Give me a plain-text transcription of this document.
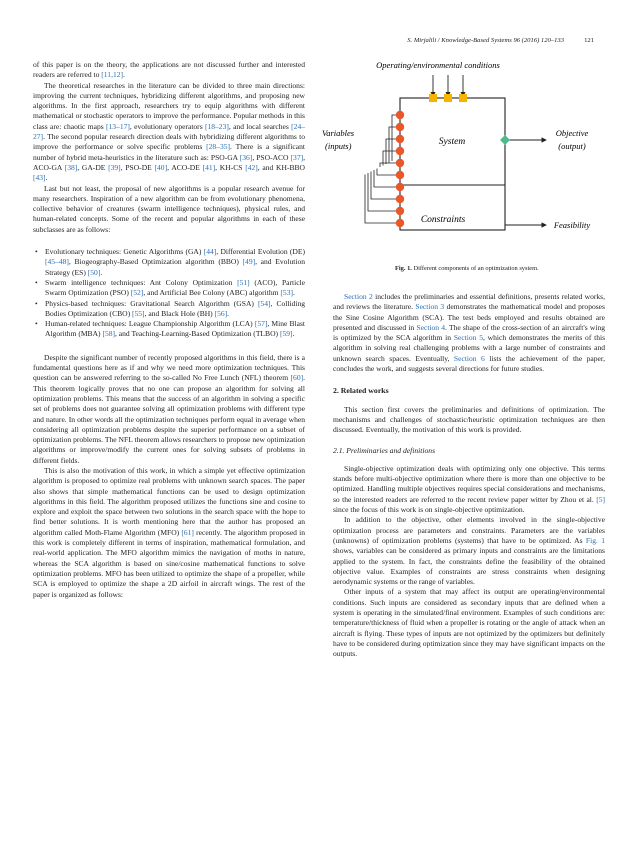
S. Mirjalili / Knowledge-Based Systems 96 (2016) 120–133	121

of this paper is on the theory, the applications are not discussed further and interested readers are referred to [11,12].

The theoretical researches in the literature can be divided to three main directions: improving the current techniques, hybridizing different algorithms, and proposing new algorithms. In the first approach, researchers try to equip algorithms with different mathematical or stochastic operators to improve the performance. Popular methods in this class are: chaotic maps [13–17], evolutionary operators [18–23], and local searches [24–27]. The second popular research direction deals with hybridizing different algorithms to improve the performance or solve specific problems [28–35]. There is a significant number of hybrid meta-heuristics in the literature such as: PSO-GA [36], PSO-ACO [37], ACO-GA [38], GA-DE [39], PSO-DE [40], ACO-DE [41], KH-CS [42], and KH-BBO [43].

Last but not least, the proposal of new algorithms is a popular research avenue for many researchers. Inspiration of a new algorithm can be from evolutionary phenomena, collective behavior of creatures (swarm intelligence techniques), physical rules, and human-related concepts. Some of the recent and popular algorithms in each of these subclasses are as follows:

• Evolutionary techniques: Genetic Algorithms (GA) [44], Differential Evolution (DE) [45–48], Biogeography-Based Optimization algorithm (BBO) [49], and Evolution Strategy (ES) [50].
• Swarm intelligence techniques: Ant Colony Optimization [51] (ACO), Particle Swarm Optimization (PSO) [52], and Artificial Bee Colony (ABC) algorithm [53].
• Physics-based techniques: Gravitational Search Algorithm (GSA) [54], Colliding Bodies Optimization (CBO) [55], and Black Hole (BH) [56].
• Human-related techniques: League Championship Algorithm (LCA) [57], Mine Blast Algorithm (MBA) [58], and Teaching-Learning-Based Optimization (TLBO) [59].

Despite the significant number of recently proposed algorithms in this field, there is a fundamental questions here as if and why we need more optimization techniques. This question can be answered referring to the so-called No Free Lunch (NFL) theorem [60]. This theorem logically proves that no one can propose an algorithm for solving all optimization problems. This means that the success of an algorithm in solving a specific set of problems does not guarantee solving all optimization problems with different type and nature. In other words all the optimization techniques perform equal in average when considering all optimization problems despite the superior performance on a subset of optimization problems. The NFL theorem allows researchers to propose new optimization algorithms or improve/modify the current ones for solving subsets of problems in different fields.

This is also the motivation of this work, in which a simple yet effective optimization algorithm is proposed to optimize real problems with unknown search spaces. The paper also shows that simple mathematical functions can be used to design optimization algorithms in this field. The algorithm proposed utilizes the functions sine and cosine to explore and exploit the space between two solutions in the search space with the hope to find better solutions. It is worth mentioning here that the author has proposed an algorithm called Moth-Flame Algorithm (MFO) [61] recently. The algorithm proposed in this work is completely different in terms of inspiration, mathematical formulation, and real-world application. The MFO algorithm mimics the navigation of moths in nature, whereas the SCA algorithm is based on sine/cosine mathematical functions to solve optimization problems. MFO has been utilized to optimize the shape of a propeller, while SCA is employed to optimize the shape a 2D airfoil in aircraft wings. The rest of the paper is organized as follows:

Operating/environmental conditions
Variables
(inputs)
Objective
(output)
Feasibility
System
Constraints
Fig. 1. Different components of an optimization system.

Section 2 includes the preliminaries and essential definitions, presents related works, and reviews the literature. Section 3 demonstrates the mathematical model and proposes the Sine Cosine Algorithm (SCA). The test beds employed and results obtained are presented and discussed in Section 4. The shape of the cross-section of an aircraft's wing is optimized by the SCA algorithm in Section 5, which demonstrates the merits of this algorithm in solving real challenging problems with a large number of constraints and unknown search spaces. Eventually, Section 6 lists the achievement of the paper, concludes the work, and suggests several directions for future studies.

2. Related works

This section first covers the preliminaries and definitions of optimization. The mechanisms and challenges of stochastic/heuristic optimization techniques are then discussed. Eventually, the motivation of this work is provided.

2.1. Preliminaries and definitions

Single-objective optimization deals with optimizing only one objective. This terms stands before multi-objective optimization where there is more than one objective to be optimized. Handling multiple objectives requires special considerations and mechanisms, so the interested readers are referred to the recent review paper witter by Zhou et al. [5] since the focus of this work is on single-objective optimization.

In addition to the objective, other elements involved in the single-objective optimization process are parameters and constraints. Parameters are the variables (unknowns) of optimization problems (systems) that have to be optimized. As Fig. 1 shows, variables can be considered as primary inputs and constraints are the limitations applied to the system. In fact, the constraints define the feasibility of the obtained objective value. Examples of constraints are stress constraints when designing aerodynamic systems or the range of variables.

Other inputs of a system that may affect its output are operating/environmental conditions. Such inputs are considered as secondary inputs that are defined when a system is operating in the simulated/final environment. Examples of such conditions are: temperature/thickness of fluid when a propeller is rotating or the angle of attack when an aircraft is flying. These types of inputs are not optimized by the optimizers but definitely have to be considered during optimization since they may have significant impacts on the outputs.
